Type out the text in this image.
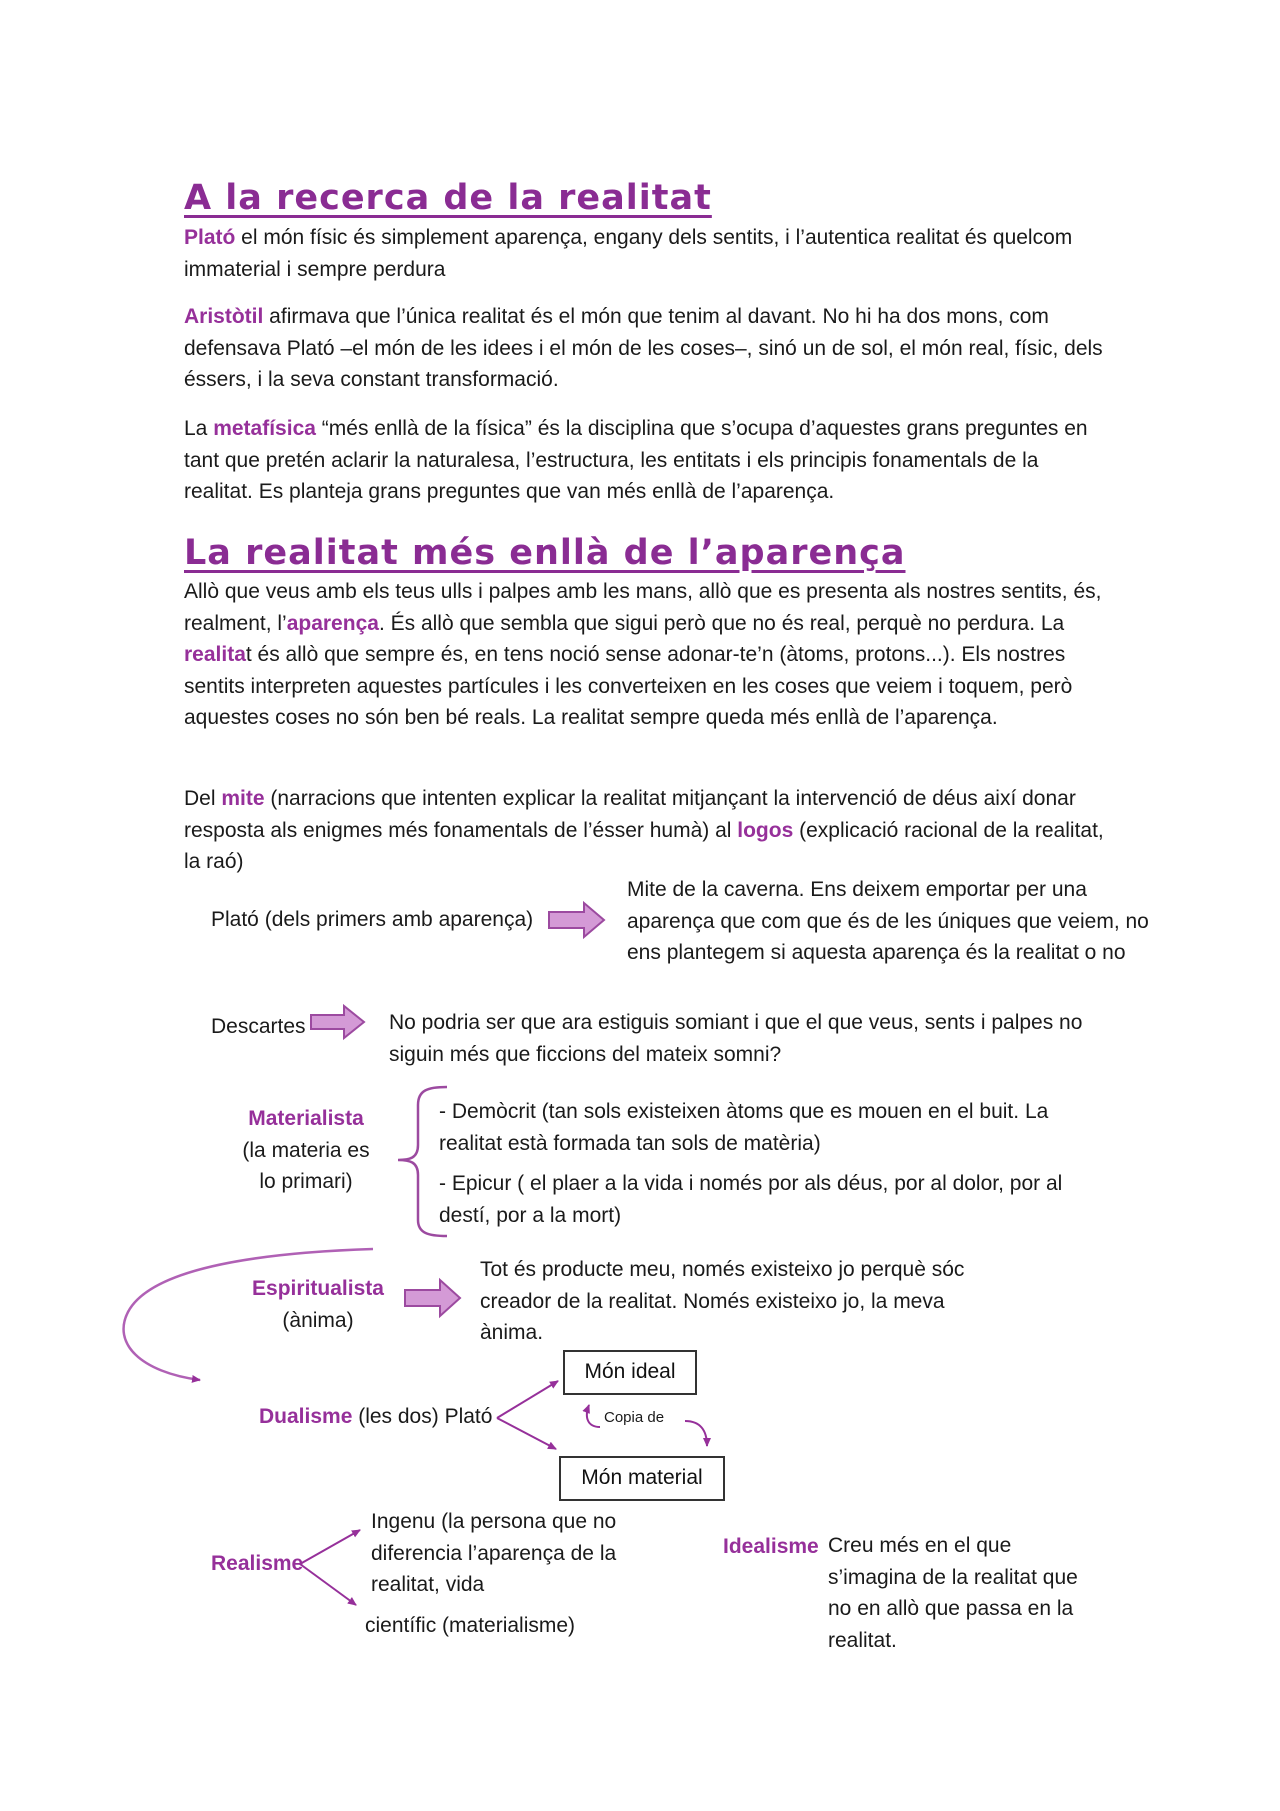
A la recerca de la realitat
Plató el món físic és simplement aparença, engany dels sentits, i l’autentica realitat és quelcom immaterial i sempre perdura
Aristòtil afirmava que l’única realitat és el món que tenim al davant. No hi ha dos mons, com defensava Plató –el món de les idees i el món de les coses–, sinó un de sol, el món real, físic, dels éssers, i la seva constant transformació.
La metafísica “més enllà de la física” és la disciplina que s’ocupa d’aquestes grans preguntes en tant que pretén aclarir la naturalesa, l’estructura, les entitats i els principis fonamentals de la realitat. Es planteja grans preguntes que van més enllà de l’aparença.
La realitat més enllà de l’aparença
Allò que veus amb els teus ulls i palpes amb les mans, allò que es presenta als nostres sentits, és, realment, l’aparença. És allò que sembla que sigui però que no és real, perquè no perdura. La realitat és allò que sempre és, en tens noció sense adonar-te’n (àtoms, protons...). Els nostres sentits interpreten aquestes partícules i les converteixen en les coses que veiem i toquem, però aquestes coses no són ben bé reals. La realitat sempre queda més enllà de l’aparença.
Del mite (narracions que intenten explicar la realitat mitjançant la intervenció de déus així donar resposta als enigmes més fonamentals de l’ésser humà) al logos (explicació racional de la realitat, la raó)
Plató (dels primers amb aparença)
Mite de la caverna. Ens deixem emportar per una aparença que com que és de les úniques que veiem, no ens plantegem si aquesta aparença és la realitat o no
Descartes	No podria ser que ara estiguis somiant i que el que veus, sents i palpes no siguin més que ficcions del mateix somni?
Materialista
(la materia es lo primari)
- Demòcrit (tan sols existeixen àtoms que es mouen en el buit. La realitat està formada tan sols de matèria)
- Epicur ( el plaer a la vida i només por als déus, por al dolor, por al destí, por a la mort)
Espiritualista
(ànima)
Tot és producte meu, només existeixo jo perquè sóc creador de la realitat. Només existeixo jo, la meva ànima.
Dualisme (les dos) Plató
Món ideal
Món material
Copia de
Realisme
Ingenu (la persona que no diferencia l’aparença de la realitat, vida
científic (materialisme)
Idealisme Creu més en el que s’imagina de la realitat que no en allò que passa en la realitat.
